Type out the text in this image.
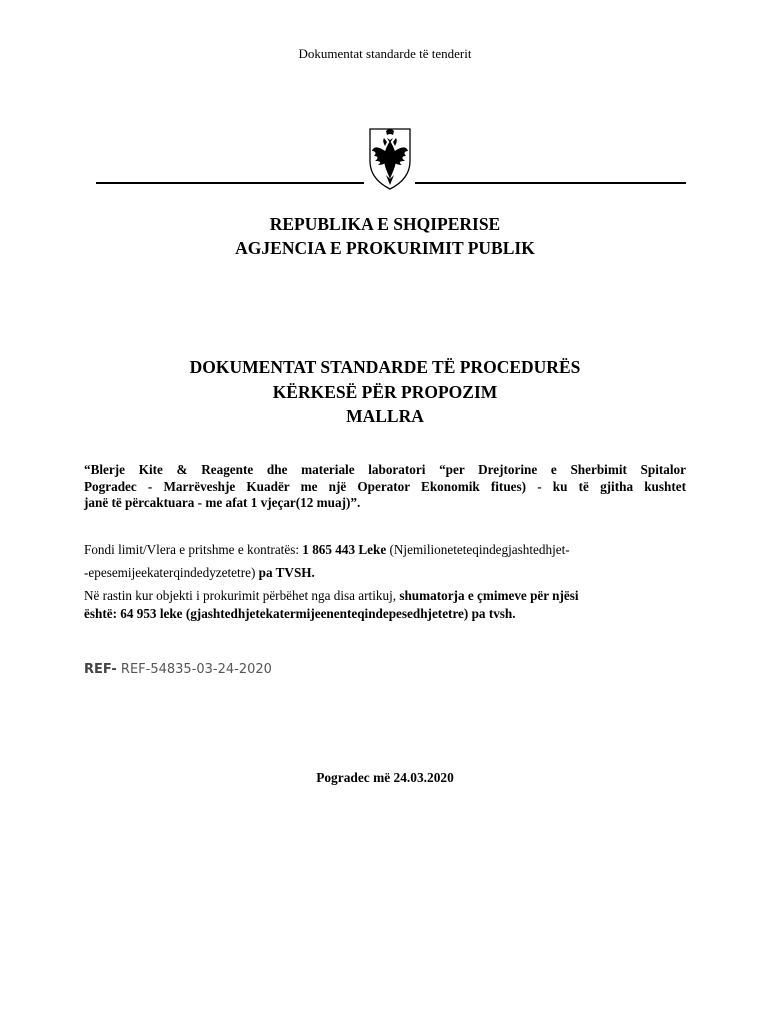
Dokumentat standarde të tenderit
REPUBLIKA E SHQIPERISE
AGJENCIA E PROKURIMIT PUBLIK
DOKUMENTAT STANDARDE TË PROCEDURËS
KËRKESË PËR PROPOZIM
MALLRA
“Blerje Kite & Reagente dhe materiale laboratori “per Drejtorine e Sherbimit Spitalor
Pogradec - Marrëveshje Kuadër me një Operator Ekonomik fitues) - ku të gjitha kushtet
janë të përcaktuara - me afat 1 vjeçar(12 muaj)”.
Fondi limit/Vlera e pritshme e kontratës: 1 865 443 Leke (Njemilioneteteqindegjashtedhjet-
-epesemijeekaterqindedyzetetre) pa TVSH.
Në rastin kur objekti i prokurimit përbëhet nga disa artikuj, shumatorja e çmimeve për njësi
është: 64 953 leke (gjashtedhjetekatermijeenenteqindepesedhjetetre) pa tvsh.
REF- REF-54835-03-24-2020
Pogradec më 24.03.2020
